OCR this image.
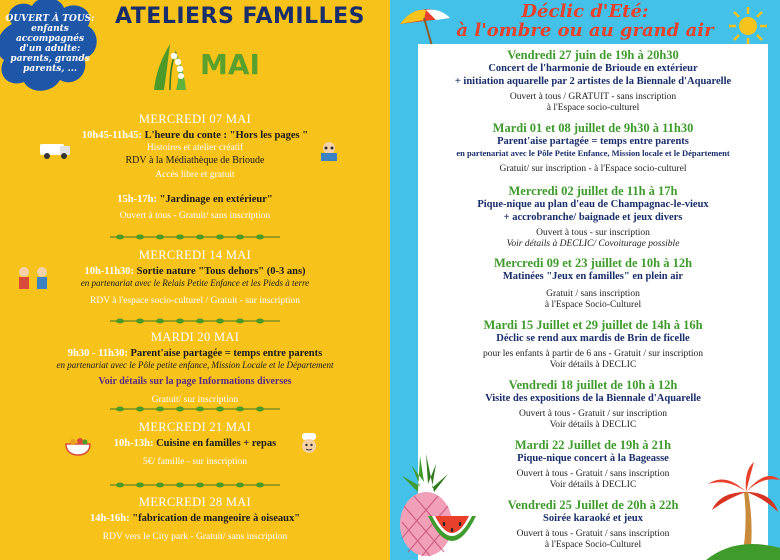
OUVERT À TOUS: enfants accompagnés d'un adulte: parents, grands parents, ...
ATELIERS FAMILLES
MAI
MERCREDI 07 MAI
10h45-11h45: L'heure du conte : "Hors les pages "
Histoires et atelier créatif
RDV à la Médiathèque de Brioude
Accès libre et gratuit
15h-17h: "Jardinage en extérieur"
Ouvert à tous - Gratuit/ sans inscription
MERCREDI 14 MAI
10h-11h30: Sortie nature "Tous dehors" (0-3 ans)
en partenariat avec le Relais Petite Enfance et les Pieds à terre
RDV à l'espace socio-culturel / Gratuit - sur inscription
MARDI 20 MAI
9h30 - 11h30: Parent'aise partagée = temps entre parents
en partenariat avec le Pôle petite enfance, Mission Locale et le Département
Voir détails sur la page Informations diverses
Gratuit/ sur inscription
MERCREDI 21 MAI
10h-13h: Cuisine en familles + repas
5€/ famille - sur inscription
MERCREDI 28 MAI
14h-16h: "fabrication de mangeoire à oiseaux"
RDV vers le City park - Gratuit/ sans inscription
Déclic d'Eté:
à l'ombre ou au grand air
Vendredi 27 juin de 19h à 20h30
Concert de l'harmonie de Brioude en extérieur
+ initiation aquarelle par 2 artistes de la Biennale d'Aquarelle
Ouvert à tous / GRATUIT - sans inscription
à l'Espace socio-culturel
Mardi 01 et 08 juillet de 9h30 à 11h30
Parent'aise partagée = temps entre parents
en partenariat avec le Pôle Petite Enfance, Mission locale et le Département
Gratuit/ sur inscription - à l'Espace socio-culturel
Mercredi 02 juillet de 11h à 17h
Pique-nique au plan d'eau de Champagnac-le-vieux
+ accrobranche/ baignade et jeux divers
Ouvert à tous - sur inscription
Voir détails à DECLIC/ Covoiturage possible
Mercredi 09 et 23 juillet de 10h à 12h
Matinées "Jeux en familles" en plein air
Gratuit / sans inscription
à l'Espace Socio-Culturel
Mardi 15 Juillet et 29 juillet de 14h à 16h
Déclic se rend aux mardis de Brin de ficelle
pour les enfants à partir de 6 ans - Gratuit / sur inscription
Voir détails à DECLIC
Vendredi 18 juillet de 10h à 12h
Visite des expositions de la Biennale d'Aquarelle
Ouvert à tous - Gratuit / sur inscription
Voir détails à DECLIC
Mardi 22 Juillet de 19h à 21h
Pique-nique concert à la Bageasse
Ouvert à tous - Gratuit / sans inscription
Voir détails à DECLIC
Vendredi 25 Juillet de 20h à 22h
Soirée karaoké et jeux
Ouvert à tous - Gratuit / sans inscription
à l'Espace Socio-Culturel
